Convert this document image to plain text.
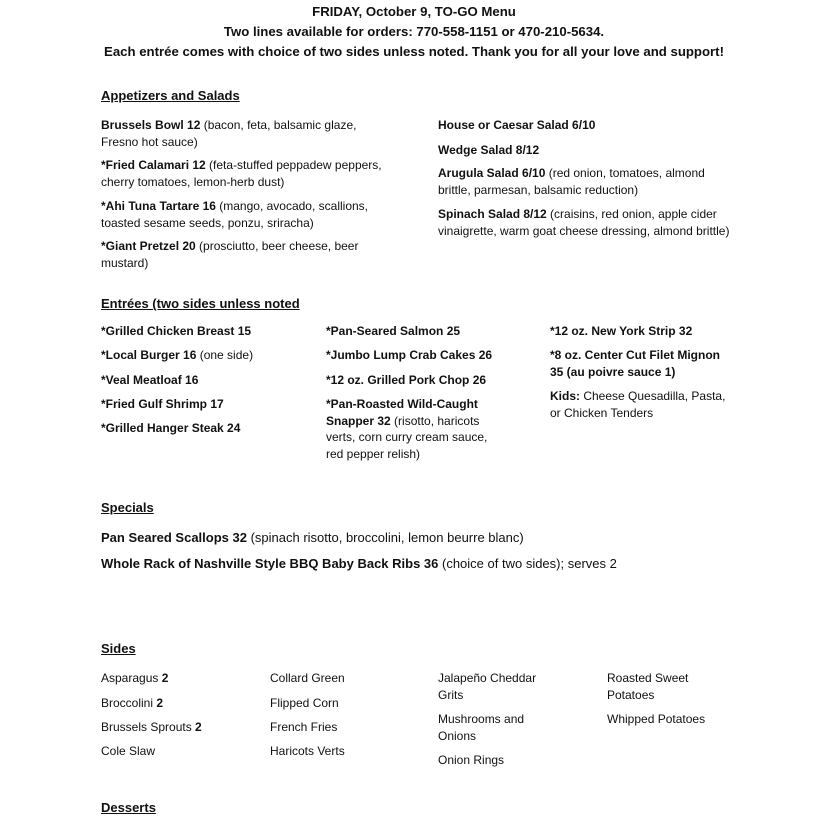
FRIDAY, October 9, TO-GO Menu
Two lines available for orders: 770-558-1151 or 470-210-5634.
Each entrée comes with choice of two sides unless noted. Thank you for all your love and support!
Appetizers and Salads
Brussels Bowl 12 (bacon, feta, balsamic glaze, Fresno hot sauce)
*Fried Calamari 12 (feta-stuffed peppadew peppers, cherry tomatoes, lemon-herb dust)
*Ahi Tuna Tartare 16 (mango, avocado, scallions, toasted sesame seeds, ponzu, sriracha)
*Giant Pretzel 20 (prosciutto, beer cheese, beer mustard)
House or Caesar Salad 6/10
Wedge Salad 8/12
Arugula Salad 6/10 (red onion, tomatoes, almond brittle, parmesan, balsamic reduction)
Spinach Salad 8/12 (craisins, red onion, apple cider vinaigrette, warm goat cheese dressing, almond brittle)
Entrées (two sides unless noted
*Grilled Chicken Breast 15
*Local Burger 16 (one side)
*Veal Meatloaf 16
*Fried Gulf Shrimp 17
*Grilled Hanger Steak 24
*Pan-Seared Salmon 25
*Jumbo Lump Crab Cakes 26
*12 oz. Grilled Pork Chop 26
*Pan-Roasted Wild-Caught Snapper 32 (risotto, haricots verts, corn curry cream sauce, red pepper relish)
*12 oz. New York Strip 32
*8 oz. Center Cut Filet Mignon 35 (au poivre sauce 1)
Kids: Cheese Quesadilla, Pasta, or Chicken Tenders
Specials
Pan Seared Scallops 32 (spinach risotto, broccolini, lemon beurre blanc)
Whole Rack of Nashville Style BBQ Baby Back Ribs 36 (choice of two sides); serves 2
Sides
Asparagus 2
Broccolini 2
Brussels Sprouts 2
Cole Slaw
Collard Green
Flipped Corn
French Fries
Haricots Verts
Jalapeño Cheddar Grits
Mushrooms and Onions
Onion Rings
Roasted Sweet Potatoes
Whipped Potatoes
Desserts
